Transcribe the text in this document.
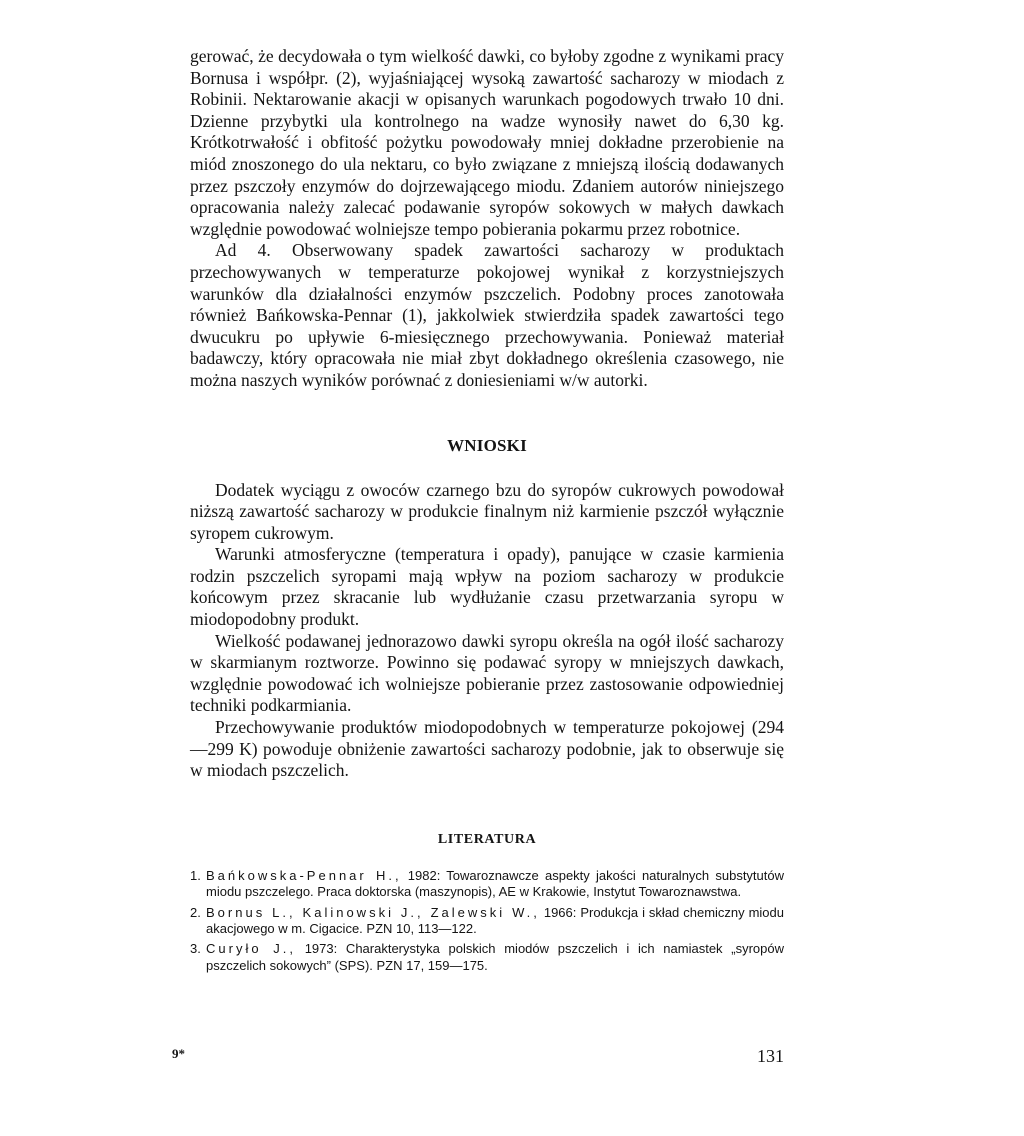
gerować, że decydowała o tym wielkość dawki, co byłoby zgodne z wynikami pracy Bornusa i współpr. (2), wyjaśniającej wysoką zawartość sacharozy w miodach z Robinii. Nektarowanie akacji w opisanych warunkach pogodowych trwało 10 dni. Dzienne przybytki ula kontrolnego na wadze wynosiły nawet do 6,30 kg. Krótkotrwałość i obfitość pożytku powodowały mniej dokładne przerobienie na miód znoszonego do ula nektaru, co było związane z mniejszą ilością dodawanych przez pszczoły enzymów do dojrzewającego miodu. Zdaniem autorów niniejszego opracowania należy zalecać podawanie syropów sokowych w małych dawkach względnie powodować wolniejsze tempo pobierania pokarmu przez robotnice.

Ad 4. Obserwowany spadek zawartości sacharozy w produktach przechowywanych w temperaturze pokojowej wynikał z korzystniejszych warunków dla działalności enzymów pszczelich. Podobny proces zanotowała również Bańkowska-Pennar (1), jakkolwiek stwierdziła spadek zawartości tego dwucukru po upływie 6-miesięcznego przechowywania. Ponieważ materiał badawczy, który opracowała nie miał zbyt dokładnego określenia czasowego, nie można naszych wyników porównać z doniesieniami w/w autorki.

WNIOSKI

Dodatek wyciągu z owoców czarnego bzu do syropów cukrowych powodował niższą zawartość sacharozy w produkcie finalnym niż karmienie pszczół wyłącznie syropem cukrowym.

Warunki atmosferyczne (temperatura i opady), panujące w czasie karmienia rodzin pszczelich syropami mają wpływ na poziom sacharozy w produkcie końcowym przez skracanie lub wydłużanie czasu przetwarzania syropu w miodopodobny produkt.

Wielkość podawanej jednorazowo dawki syropu określa na ogół ilość sacharozy w skarmianym roztworze. Powinno się podawać syropy w mniejszych dawkach, względnie powodować ich wolniejsze pobieranie przez zastosowanie odpowiedniej techniki podkarmiania.

Przechowywanie produktów miodopodobnych w temperaturze pokojowej (294—299 K) powoduje obniżenie zawartości sacharozy podobnie, jak to obserwuje się w miodach pszczelich.

LITERATURA
1. Bańkowska-Pennar H., 1982: Towaroznawcze aspekty jakości naturalnych substytutów miodu pszczelego. Praca doktorska (maszynopis), AE w Krakowie, Instytut Towaroznawstwa.
2. Bornus L., Kalinowski J., Zalewski W., 1966: Produkcja i skład chemiczny miodu akacjowego w m. Cigacice. PZN 10, 113—122.
3. Curyło J., 1973: Charakterystyka polskich miodów pszczelich i ich namiastek „syropów pszczelich sokowych” (SPS). PZN 17, 159—175.
9*	131
